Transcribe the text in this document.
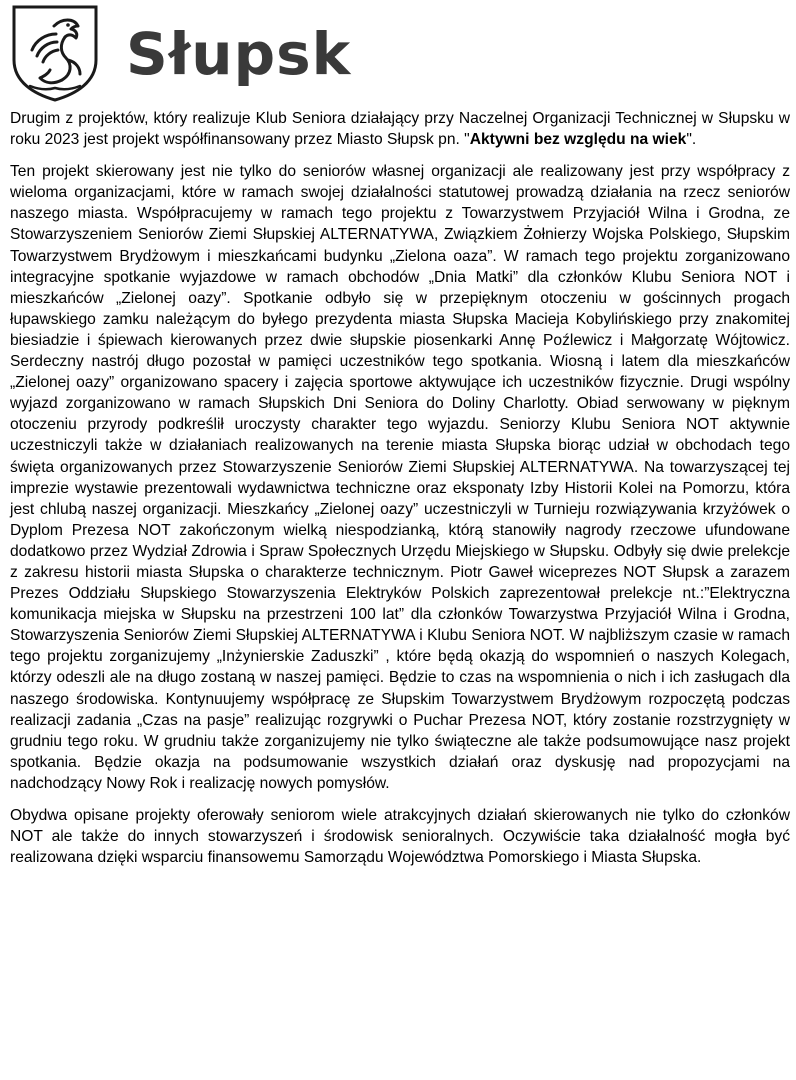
Słupsk

Drugim z projektów, który realizuje Klub Seniora działający przy Naczelnej Organizacji Technicznej w Słupsku w roku 2023 jest projekt współfinansowany przez Miasto Słupsk pn. "Aktywni bez względu na wiek".

Ten projekt skierowany jest nie tylko do seniorów własnej organizacji ale realizowany jest przy współpracy z wieloma organizacjami, które w ramach swojej działalności statutowej prowadzą działania na rzecz seniorów naszego miasta. Współpracujemy w ramach tego projektu z Towarzystwem Przyjaciół Wilna i Grodna, ze Stowarzyszeniem Seniorów Ziemi Słupskiej ALTERNATYWA, Związkiem Żołnierzy Wojska Polskiego, Słupskim Towarzystwem Brydżowym i mieszkańcami budynku „Zielona oaza”. W ramach tego projektu zorganizowano integracyjne spotkanie wyjazdowe w ramach obchodów „Dnia Matki” dla członków Klubu Seniora NOT i mieszkańców „Zielonej oazy”. Spotkanie odbyło się w przepięknym otoczeniu w gościnnych progach łupawskiego zamku należącym do byłego prezydenta miasta Słupska Macieja Kobylińskiego przy znakomitej biesiadzie i śpiewach kierowanych przez dwie słupskie piosenkarki Annę Poźlewicz i Małgorzatę Wójtowicz. Serdeczny nastrój długo pozostał w pamięci uczestników tego spotkania. Wiosną i latem dla mieszkańców „Zielonej oazy” organizowano spacery i zajęcia sportowe aktywujące ich uczestników fizycznie. Drugi wspólny wyjazd zorganizowano w ramach Słupskich Dni Seniora do Doliny Charlotty. Obiad serwowany w pięknym otoczeniu przyrody podkreślił uroczysty charakter tego wyjazdu. Seniorzy Klubu Seniora NOT aktywnie uczestniczyli także w działaniach realizowanych na terenie miasta Słupska biorąc udział w obchodach tego święta organizowanych przez Stowarzyszenie Seniorów Ziemi Słupskiej ALTERNATYWA. Na towarzyszącej tej imprezie wystawie prezentowali wydawnictwa techniczne oraz eksponaty Izby Historii Kolei na Pomorzu, która jest chlubą naszej organizacji. Mieszkańcy „Zielonej oazy” uczestniczyli w Turnieju rozwiązywania krzyżówek o Dyplom Prezesa NOT zakończonym wielką niespodzianką, którą stanowiły nagrody rzeczowe ufundowane dodatkowo przez Wydział Zdrowia i Spraw Społecznych Urzędu Miejskiego w Słupsku. Odbyły się dwie prelekcje z zakresu historii miasta Słupska o charakterze technicznym. Piotr Gaweł wiceprezes NOT Słupsk a zarazem Prezes Oddziału Słupskiego Stowarzyszenia Elektryków Polskich zaprezentował prelekcje nt.:”Elektryczna komunikacja miejska w Słupsku na przestrzeni 100 lat” dla członków Towarzystwa Przyjaciół Wilna i Grodna, Stowarzyszenia Seniorów Ziemi Słupskiej ALTERNATYWA i Klubu Seniora NOT. W najbliższym czasie w ramach tego projektu zorganizujemy „Inżynierskie Zaduszki” , które będą okazją do wspomnień o naszych Kolegach, którzy odeszli ale na długo zostaną w naszej pamięci. Będzie to czas na wspomnienia o nich i ich zasługach dla naszego środowiska. Kontynuujemy współpracę ze Słupskim Towarzystwem Brydżowym rozpoczętą podczas realizacji zadania „Czas na pasje” realizując rozgrywki o Puchar Prezesa NOT, który zostanie rozstrzygnięty w grudniu tego roku. W grudniu także zorganizujemy nie tylko świąteczne ale także podsumowujące nasz projekt spotkania. Będzie okazja na podsumowanie wszystkich działań oraz dyskusję nad propozycjami na nadchodzący Nowy Rok i realizację nowych pomysłów.

Obydwa opisane projekty oferowały seniorom wiele atrakcyjnych działań skierowanych nie tylko do członków NOT ale także do innych stowarzyszeń i środowisk senioralnych. Oczywiście taka działalność mogła być realizowana dzięki wsparciu finansowemu Samorządu Województwa Pomorskiego i Miasta Słupska.
